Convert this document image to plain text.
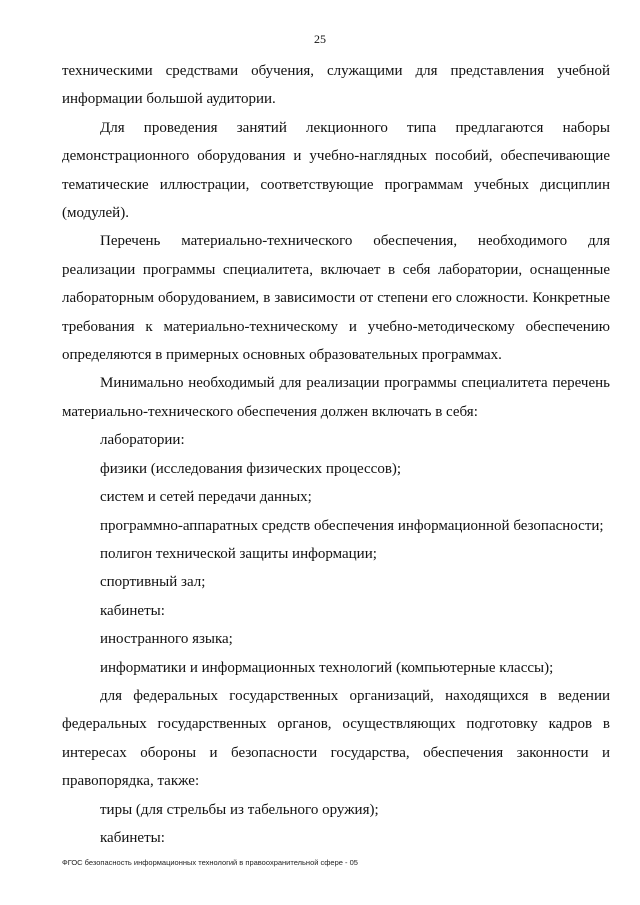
25

техническими средствами обучения, служащими для представления учебной информации большой аудитории.

Для проведения занятий лекционного типа предлагаются наборы демонстрационного оборудования и учебно-наглядных пособий, обеспечивающие тематические иллюстрации, соответствующие программам учебных дисциплин (модулей).

Перечень материально-технического обеспечения, необходимого для реализации программы специалитета, включает в себя лаборатории, оснащенные лабораторным оборудованием, в зависимости от степени его сложности. Конкретные требования к материально-техническому и учебно-методическому обеспечению определяются в примерных основных образовательных программах.

Минимально необходимый для реализации программы специалитета перечень материально-технического обеспечения должен включать в себя:

лаборатории:

физики (исследования физических процессов);

систем и сетей передачи данных;

программно-аппаратных средств обеспечения информационной безопасности;

полигон технической защиты информации;

спортивный зал;

кабинеты:

иностранного языка;

информатики и информационных технологий (компьютерные классы);

для федеральных государственных организаций, находящихся в ведении федеральных государственных органов, осуществляющих подготовку кадров в интересах обороны и безопасности государства, обеспечения законности и правопорядка, также:

тиры (для стрельбы из табельного оружия);

кабинеты:

ФГОС безопасность информационных технологий в правоохранительной сфере - 05
